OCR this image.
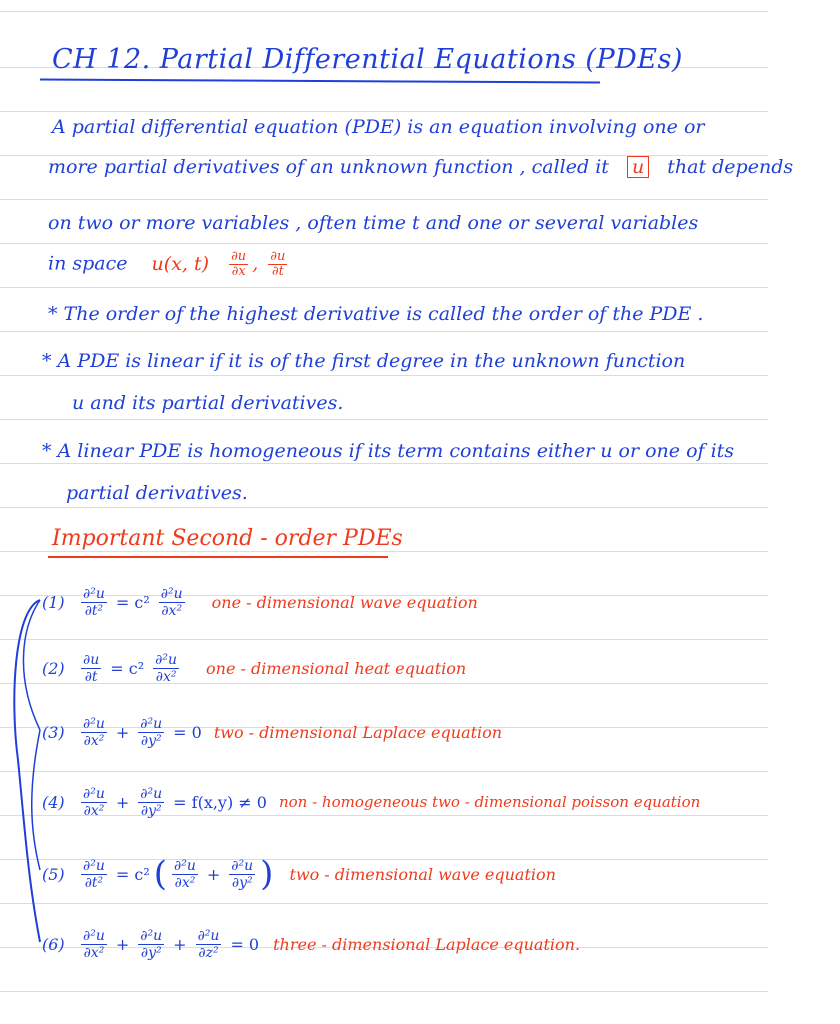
CH 12. Partial Differential Equations (PDEs)
A partial differential equation (PDE) is an equation involving one or
more partial derivatives of an unknown function , called it u that depends
on two or more variables , often time t and one or several variables
in space u(x, $t) \frac{\partial u}{\partial x}$ , $\frac{\partial u}{\partial t}$
* The order of the highest derivative is called the order of the PDE .
* A PDE is linear if it is of the first degree in the unknown function
u and its partial derivatives.
* A linear PDE is homogeneous if its term contains either u or one of its
partial derivatives.
Important Second - order PDEs
(1)	$\frac{\text{∂²u}}{\text{∂t²}} = c^2 \frac{\text{∂²u}}{\text{∂x²}}$ one - dimensional wave equation
(2)	$\frac{\partial u}{\partial t} = c^2 \frac{\text{∂²u}}{\text{∂x²}}$ one - dimensional heat equation
(3)	$\frac{\text{∂²u}}{\text{∂x²}} + \frac{\text{∂²u}}{\text{∂y²}} = 0$ two - dimensional Laplace equation
(4)	$\frac{\text{∂²u}}{\text{∂x²}} + \frac{\text{∂²u}}{\text{∂y²}} = f(x,y) \ne 0$ non - homogeneous two - dimensional poisson equation
(5)	$\frac{\text{∂²u}}{\text{∂t²}} = c^2$ ( $\frac{\text{∂²u}}{\text{∂x²}} + \frac{\text{∂²u}}{\text{∂y²}}$ ) two - dimensional wave equation
(6)	$\frac{\text{∂²u}}{\text{∂x²}} + \frac{\text{∂²u}}{\text{∂y²}} + \frac{\text{∂²u}}{\text{∂z²}} = 0$ three - dimensional Laplace equation.
